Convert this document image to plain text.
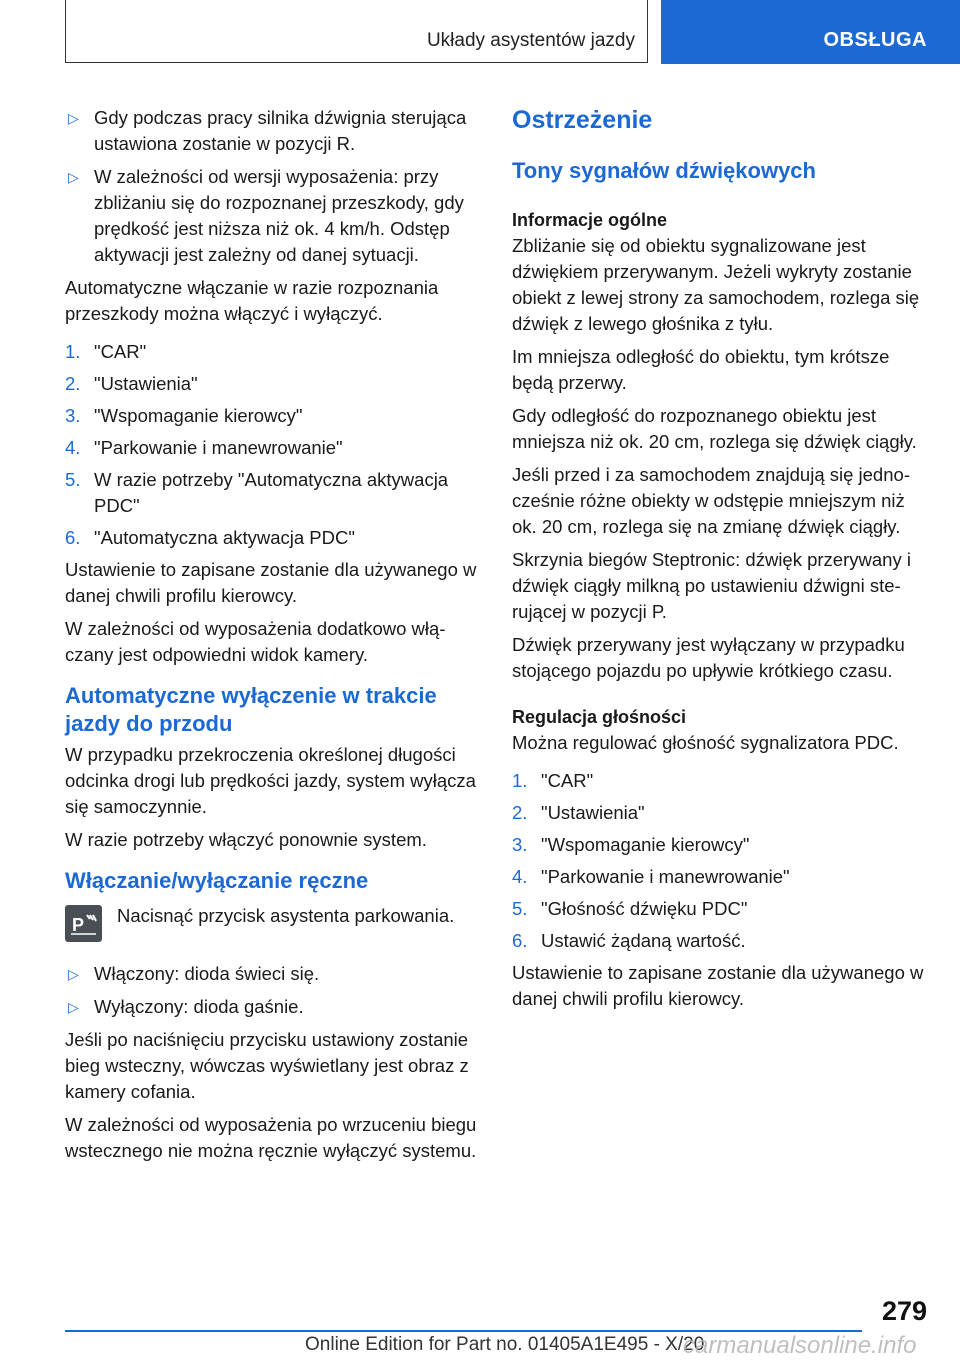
Układy asystentów jazdy	OBSŁUGA
▷ Gdy podczas pracy silnika dźwignia sterująca ustawiona zostanie w pozycji R.
▷ W zależności od wersji wyposażenia: przy zbliżaniu się do rozpoznanej przeszkody, gdy prędkość jest niższa niż ok. 4 km/h. Odstęp aktywacji jest zależny od danej sytuacji.

Automatyczne włączanie w razie rozpoznania przeszkody można włączyć i wyłączyć.

1. "CAR"
2. "Ustawienia"
3. "Wspomaganie kierowcy"
4. "Parkowanie i manewrowanie"
5. W razie potrzeby "Automatyczna aktywacja PDC"
6. "Automatyczna aktywacja PDC"

Ustawienie to zapisane zostanie dla używanego w danej chwili profilu kierowcy.

W zależności od wyposażenia dodatkowo włączany jest odpowiedni widok kamery.

Automatyczne wyłączenie w trakcie jazdy do przodu

W przypadku przekroczenia określonej długości odcinka drogi lub prędkości jazdy, system wyłącza się samoczynnie.

W razie potrzeby włączyć ponownie system.

Włączanie/wyłączanie ręczne
P Nacisnąć przycisk asystenta parkowania.
▷ Włączony: dioda świeci się.
▷ Wyłączony: dioda gaśnie.

Jeśli po naciśnięciu przycisku ustawiony zostanie bieg wsteczny, wówczas wyświetlany jest obraz z kamery cofania.

W zależności od wyposażenia po wrzuceniu biegu wstecznego nie można ręcznie wyłączyć systemu.

Ostrzeżenie
Tony sygnałów dźwiękowych
Informacje ogólne

Zbliżanie się od obiektu sygnalizowane jest dźwiękiem przerywanym. Jeżeli wykryty zostanie obiekt z lewej strony za samochodem, rozlega się dźwięk z lewego głośnika z tyłu.

Im mniejsza odległość do obiektu, tym krótsze będą przerwy.

Gdy odległość do rozpoznanego obiektu jest mniejsza niż ok. 20 cm, rozlega się dźwięk ciągły.

Jeśli przed i za samochodem znajdują się jednocześnie różne obiekty w odstępie mniejszym niż ok. 20 cm, rozlega się na zmianę dźwięk ciągły.

Skrzynia biegów Steptronic: dźwięk przerywany i dźwięk ciągły milkną po ustawieniu dźwigni sterującej w pozycji P.

Dźwięk przerywany jest wyłączany w przypadku stojącego pojazdu po upływie krótkiego czasu.

Regulacja głośności

Można regulować głośność sygnalizatora PDC.

1. "CAR"
2. "Ustawienia"
3. "Wspomaganie kierowcy"
4. "Parkowanie i manewrowanie"
5. "Głośność dźwięku PDC"
6. Ustawić żądaną wartość.

Ustawienie to zapisane zostanie dla używanego w danej chwili profilu kierowcy.

279
Online Edition for Part no. 01405A1E495 - X/20
carmanualsonline.info
